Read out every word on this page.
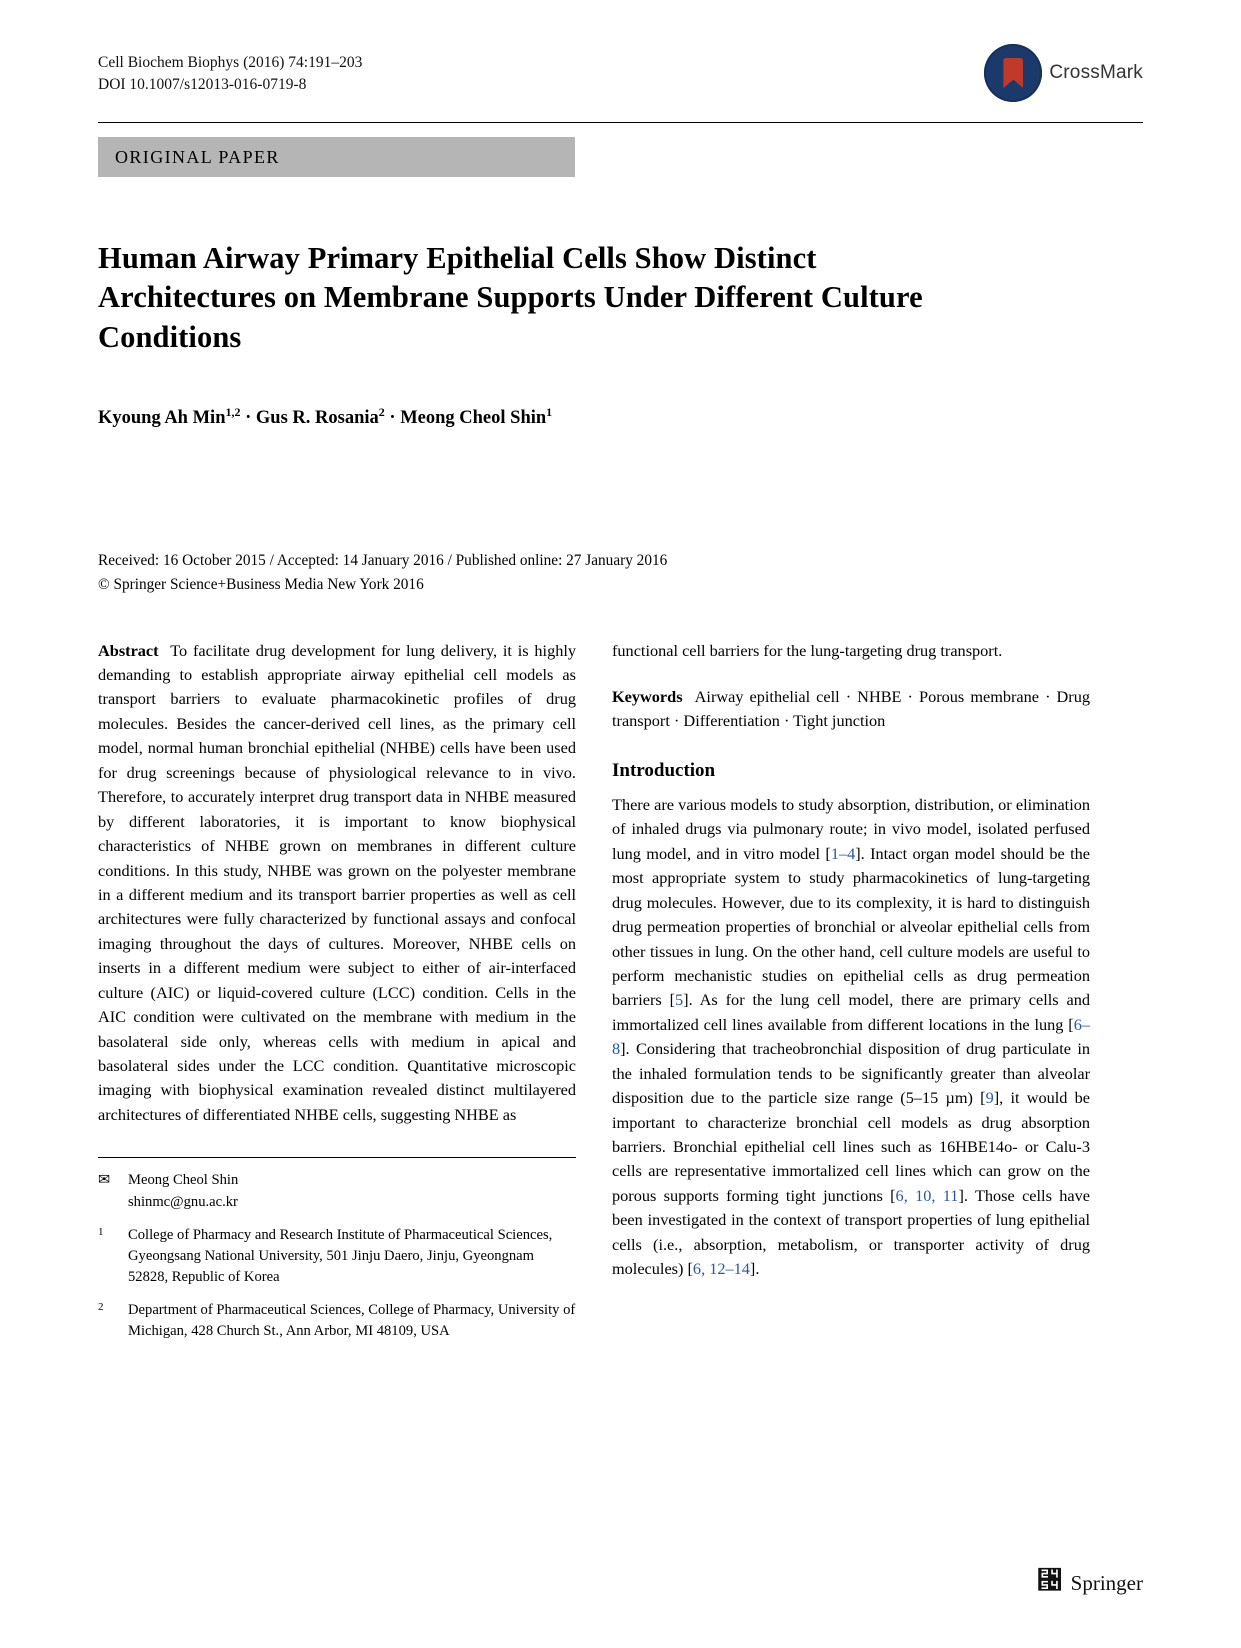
Cell Biochem Biophys (2016) 74:191–203
DOI 10.1007/s12013-016-0719-8
CrossMark
ORIGINAL PAPER
Human Airway Primary Epithelial Cells Show Distinct Architectures on Membrane Supports Under Different Culture Conditions
Kyoung Ah Min$^{1,2}$ · Gus R. Rosania$^2$ · Meong Cheol Shin$^1$
Received: 16 October 2015 / Accepted: 14 January 2016 / Published online: 27 January 2016
© Springer Science+Business Media New York 2016

Abstract To facilitate drug development for lung delivery, it is highly demanding to establish appropriate airway epithelial cell models as transport barriers to evaluate pharmacokinetic profiles of drug molecules. Besides the cancer-derived cell lines, as the primary cell model, normal human bronchial epithelial (NHBE) cells have been used for drug screenings because of physiological relevance to in vivo. Therefore, to accurately interpret drug transport data in NHBE measured by different laboratories, it is important to know biophysical characteristics of NHBE grown on membranes in different culture conditions. In this study, NHBE was grown on the polyester membrane in a different medium and its transport barrier properties as well as cell architectures were fully characterized by functional assays and confocal imaging throughout the days of cultures. Moreover, NHBE cells on inserts in a different medium were subject to either of air-interfaced culture (AIC) or liquid-covered culture (LCC) condition. Cells in the AIC condition were cultivated on the membrane with medium in the basolateral side only, whereas cells with medium in apical and basolateral sides under the LCC condition. Quantitative microscopic imaging with biophysical examination revealed distinct multilayered architectures of differentiated NHBE cells, suggesting NHBE as

✉	Meong Cheol Shin
shinmc@gnu.ac.kr
$^1$	College of Pharmacy and Research Institute of Pharmaceutical Sciences, Gyeongsang National University, 501 Jinju Daero, Jinju, Gyeongnam 52828, Republic of Korea
$^2$	Department of Pharmaceutical Sciences, College of Pharmacy, University of Michigan, 428 Church St., Ann Arbor, MI 48109, USA

functional cell barriers for the lung-targeting drug transport.

Keywords Airway epithelial cell · NHBE · Porous membrane · Drug transport · Differentiation · Tight junction

Introduction

There are various models to study absorption, distribution, or elimination of inhaled drugs via pulmonary route; in vivo model, isolated perfused lung model, and in vitro model [1–4]. Intact organ model should be the most appropriate system to study pharmacokinetics of lung-targeting drug molecules. However, due to its complexity, it is hard to distinguish drug permeation properties of bronchial or alveolar epithelial cells from other tissues in lung. On the other hand, cell culture models are useful to perform mechanistic studies on epithelial cells as drug permeation barriers [5]. As for the lung cell model, there are primary cells and immortalized cell lines available from different locations in the lung [6–8]. Considering that tracheobronchial disposition of drug particulate in the inhaled formulation tends to be significantly greater than alveolar disposition due to the particle size range (5–15 µm) [9], it would be important to characterize bronchial cell models as drug absorption barriers. Bronchial epithelial cell lines such as 16HBE14o- or Calu-3 cells are representative immortalized cell lines which can grow on the porous supports forming tight junctions [6, 10, 11]. Those cells have been investigated in the context of transport properties of lung epithelial cells (i.e., absorption, metabolism, or transporter activity of drug molecules) [6, 12–14].

⑔ Springer
